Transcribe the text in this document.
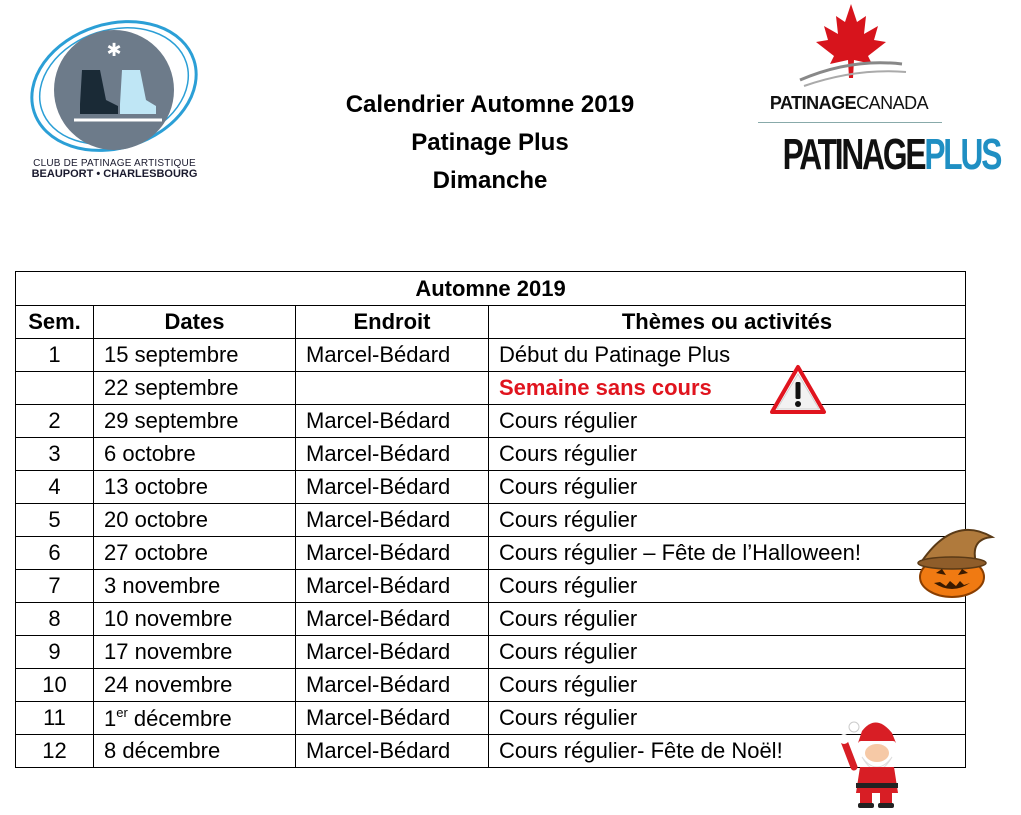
✱
CLUB DE PATINAGE ARTISTIQUE
BEAUPORT • CHARLESBOURG
Calendrier Automne 2019
Patinage Plus
Dimanche
PATINAGECANADA
PATINAGEPLUS
Automne 2019			
Sem.	Dates	Endroit	Thèmes ou activités
1	15 septembre	Marcel-Bédard	Début du Patinage Plus
	22 septembre		Semaine sans cours
2	29 septembre	Marcel-Bédard	Cours régulier
3	6 octobre	Marcel-Bédard	Cours régulier
4	13 octobre	Marcel-Bédard	Cours régulier
5	20 octobre	Marcel-Bédard	Cours régulier
6	27 octobre	Marcel-Bédard	Cours régulier – Fête de l’Halloween!
7	3 novembre	Marcel-Bédard	Cours régulier
8	10 novembre	Marcel-Bédard	Cours régulier
9	17 novembre	Marcel-Bédard	Cours régulier
10	24 novembre	Marcel-Bédard	Cours régulier
11	1er décembre	Marcel-Bédard	Cours régulier
12	8 décembre	Marcel-Bédard	Cours régulier- Fête de Noël!
